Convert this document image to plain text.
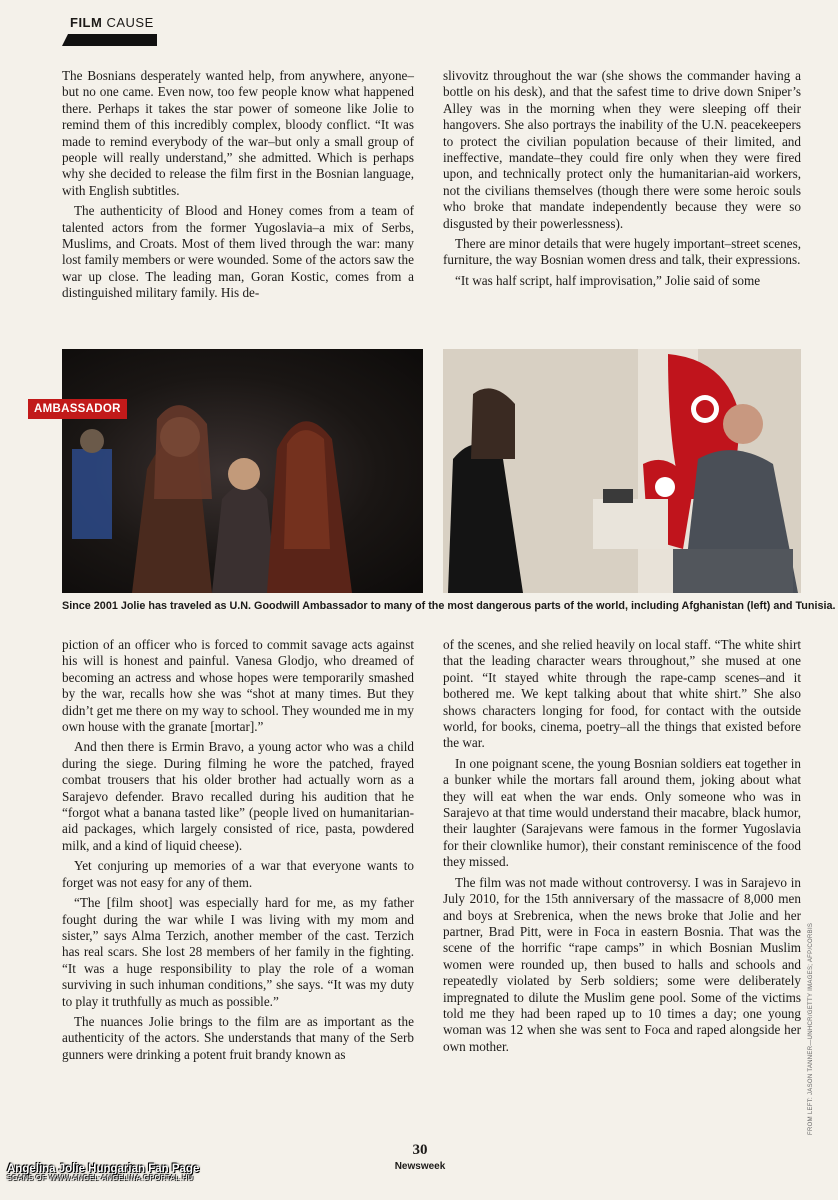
FILM CAUSE

The Bosnians desperately wanted help, from anywhere, anyone–but no one came. Even now, too few people know what happened there. Perhaps it takes the star power of someone like Jolie to remind them of this incredibly complex, bloody conflict. “It was made to remind everybody of the war–but only a small group of people will really understand,” she admitted. Which is perhaps why she decided to release the film first in the Bosnian language, with English subtitles.

The authenticity of Blood and Honey comes from a team of talented actors from the former Yugoslavia–a mix of Serbs, Muslims, and Croats. Most of them lived through the war: many lost family members or were wounded. Some of the actors saw the war up close. The leading man, Goran Kostic, comes from a distinguished military family. His de-

slivovitz throughout the war (she shows the commander having a bottle on his desk), and that the safest time to drive down Sniper’s Alley was in the morning when they were sleeping off their hangovers. She also portrays the inability of the U.N. peacekeepers to protect the civilian population because of their limited, and ineffective, mandate–they could fire only when they were fired upon, and technically protect only the humanitarian-aid workers, not the civilians themselves (though there were some heroic souls who broke that mandate independently because they were so disgusted by their powerlessness).

There are minor details that were hugely important–street scenes, furniture, the way Bosnian women dress and talk, their expressions.

“It was half script, half improvisation,” Jolie said of some

AMBASSADOR
Since 2001 Jolie has traveled as U.N. Goodwill Ambassador to many of the most dangerous parts of the world, including Afghanistan (left) and Tunisia.
FROM LEFT: JASON TANNER—UNHCR/GETTY IMAGES; AFP/CORBIS

piction of an officer who is forced to commit savage acts against his will is honest and painful. Vanesa Glodjo, who dreamed of becoming an actress and whose hopes were temporarily smashed by the war, recalls how she was “shot at many times. But they didn’t get me there on my way to school. They wounded me in my own house with the granate [mortar].”

And then there is Ermin Bravo, a young actor who was a child during the siege. During filming he wore the patched, frayed combat trousers that his older brother had actually worn as a Sarajevo defender. Bravo recalled during his audition that he “forgot what a banana tasted like” (people lived on humanitarian-aid packages, which largely consisted of rice, pasta, powdered milk, and a kind of liquid cheese).

Yet conjuring up memories of a war that everyone wants to forget was not easy for any of them.

“The [film shoot] was especially hard for me, as my father fought during the war while I was living with my mom and sister,” says Alma Terzich, another member of the cast. Terzich has real scars. She lost 28 members of her family in the fighting. “It was a huge responsibility to play the role of a woman surviving in such inhuman conditions,” she says. “It was my duty to play it truthfully as much as possible.”

The nuances Jolie brings to the film are as important as the authenticity of the actors. She understands that many of the Serb gunners were drinking a potent fruit brandy known as

of the scenes, and she relied heavily on local staff. “The white shirt that the leading character wears throughout,” she mused at one point. “It stayed white through the rape-camp scenes–and it bothered me. We kept talking about that white shirt.” She also shows characters longing for food, for contact with the outside world, for books, cinema, poetry–all the things that existed before the war.

In one poignant scene, the young Bosnian soldiers eat together in a bunker while the mortars fall around them, joking about what they will eat when the war ends. Only someone who was in Sarajevo at that time would understand their macabre, black humor, their laughter (Sarajevans were famous in the former Yugoslavia for their clownlike humor), their constant reminiscence of the food they missed.

The film was not made without controversy. I was in Sarajevo in July 2010, for the 15th anniversary of the massacre of 8,000 men and boys at Srebrenica, when the news broke that Jolie and her partner, Brad Pitt, were in Foca in eastern Bosnia. That was the scene of the horrific “rape camps” in which Bosnian Muslim women were rounded up, then bused to halls and schools and repeatedly violated by Serb soldiers; some were deliberately impregnated to dilute the Muslim gene pool. Some of the victims told me they had been raped up to 10 times a day; one young woman was 12 when she was sent to Foca and raped alongside her own mother.

30
Newsweek
Angelina Jolie Hungarian Fan Page
SCANS OF WWW.ANGEL-ANGELINA.GPORTAL.HU
